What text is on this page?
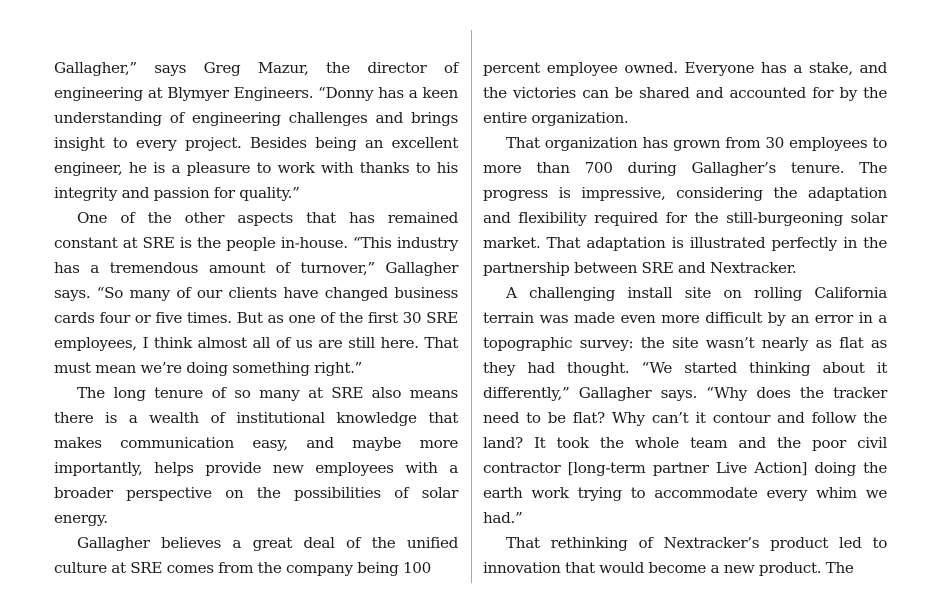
Gallagher,” says Greg Mazur, the director of engineering at Blymyer Engineers. “Donny has a keen understanding of engineering challenges and brings insight to every project. Besides being an excellent engineer, he is a pleasure to work with thanks to his integrity and passion for quality.”

One of the other aspects that has remained constant at SRE is the people in-house. “This industry has a tremendous amount of turnover,” Gallagher says. “So many of our clients have changed business cards four or five times. But as one of the first 30 SRE employees, I think almost all of us are still here. That must mean we’re doing something right.”

The long tenure of so many at SRE also means there is a wealth of institutional knowledge that makes communication easy, and maybe more importantly, helps provide new employees with a broader perspective on the possibilities of solar energy.

Gallagher believes a great deal of the unified culture at SRE comes from the company being 100

percent employee owned. Everyone has a stake, and the victories can be shared and accounted for by the entire organization.

That organization has grown from 30 employees to more than 700 during Gallagher’s tenure. The progress is impressive, considering the adaptation and flexibility required for the still-burgeoning solar market. That adaptation is illustrated perfectly in the partnership between SRE and Nextracker.

A challenging install site on rolling California terrain was made even more difficult by an error in a topographic survey: the site wasn’t nearly as flat as they had thought. “We started thinking about it differently,” Gallagher says. “Why does the tracker need to be flat? Why can’t it contour and follow the land? It took the whole team and the poor civil contractor [long-term partner Live Action] doing the earth work trying to accommodate every whim we had.”

That rethinking of Nextracker’s product led to innovation that would become a new product. The
